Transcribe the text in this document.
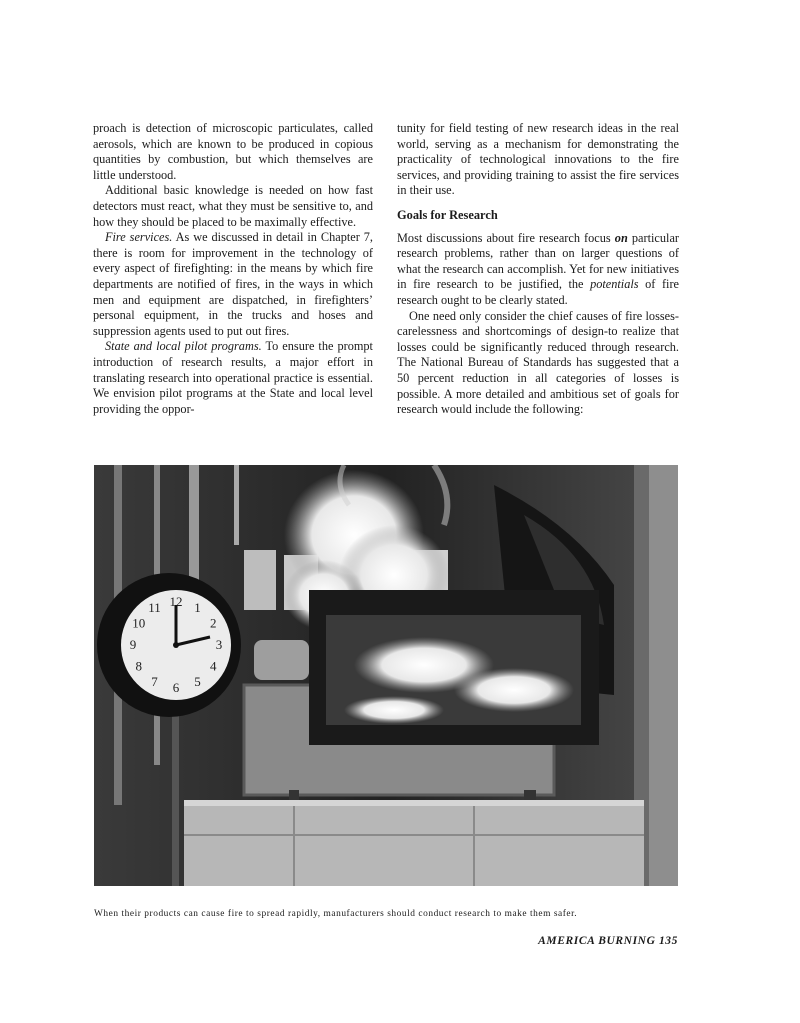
proach is detection of microscopic particulates, called aerosols, which are known to be produced in copious quantities by combustion, but which themselves are little understood.

Additional basic knowledge is needed on how fast detectors must react, what they must be sensitive to, and how they should be placed to be maximally effective.

Fire services. As we discussed in detail in Chapter 7, there is room for improvement in the technology of every aspect of firefighting: in the means by which fire departments are notified of fires, in the ways in which men and equipment are dispatched, in firefighters’ personal equipment, in the trucks and hoses and suppression agents used to put out fires.

State and local pilot programs. To ensure the prompt introduction of research results, a major effort in translating research into operational practice is essential. We envision pilot programs at the State and local level providing the oppor-

tunity for field testing of new research ideas in the real world, serving as a mechanism for demonstrating the practicality of technological innovations to the fire services, and providing training to assist the fire services in their use.

Goals for Research

Most discussions about fire research focus on particular research problems, rather than on larger questions of what the research can accomplish. Yet for new initiatives in fire research to be justified, the potentials of fire research ought to be clearly stated.

One need only consider the chief causes of fire losses-carelessness and shortcomings of design-to realize that losses could be significantly reduced through research. The National Bureau of Standards has suggested that a 50 percent reduction in all categories of losses is possible. A more detailed and ambitious set of goals for research would include the following:

12 1
2
3
4
5
6
7
8
9
10
11
When their products can cause fire to spread rapidly, manufacturers should conduct research to make them safer.
AMERICA BURNING 135
